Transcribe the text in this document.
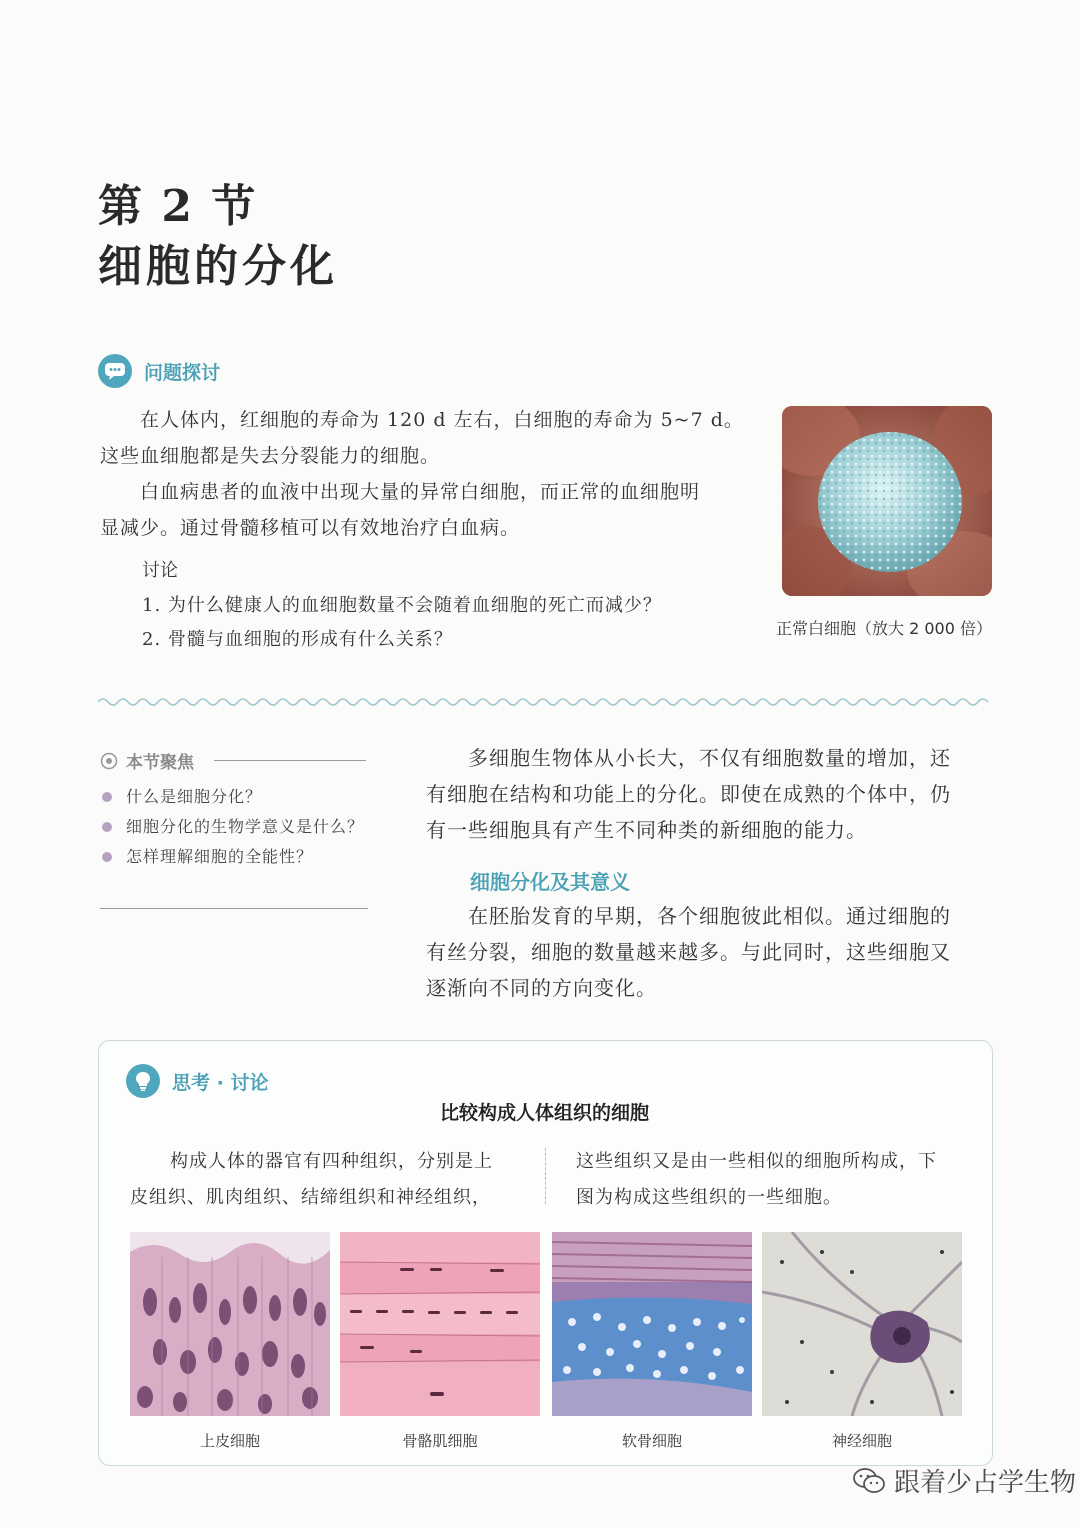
第 2 节
细胞的分化
问题探讨
在人体内，红细胞的寿命为 120 d 左右，白细胞的寿命为 5~7 d。
这些血细胞都是失去分裂能力的细胞。
白血病患者的血液中出现大量的异常白细胞，而正常的血细胞明
显减少。通过骨髓移植可以有效地治疗白血病。
讨论
1. 为什么健康人的血细胞数量不会随着血细胞的死亡而减少？
2. 骨髓与血细胞的形成有什么关系？
正常白细胞（放大 2 000 倍）
本节聚焦
什么是细胞分化？
细胞分化的生物学意义是什么？
怎样理解细胞的全能性？
多细胞生物体从小长大，不仅有细胞数量的增加，还
有细胞在结构和功能上的分化。即使在成熟的个体中，仍
有一些细胞具有产生不同种类的新细胞的能力。
细胞分化及其意义
在胚胎发育的早期，各个细胞彼此相似。通过细胞的
有丝分裂，细胞的数量越来越多。与此同时，这些细胞又
逐渐向不同的方向变化。
思考 · 讨论
比较构成人体组织的细胞
构成人体的器官有四种组织，分别是上
皮组织、肌肉组织、结缔组织和神经组织，
这些组织又是由一些相似的细胞所构成，下
图为构成这些组织的一些细胞。
上皮细胞	骨骼肌细胞	软骨细胞	神经细胞
跟着少占学生物
